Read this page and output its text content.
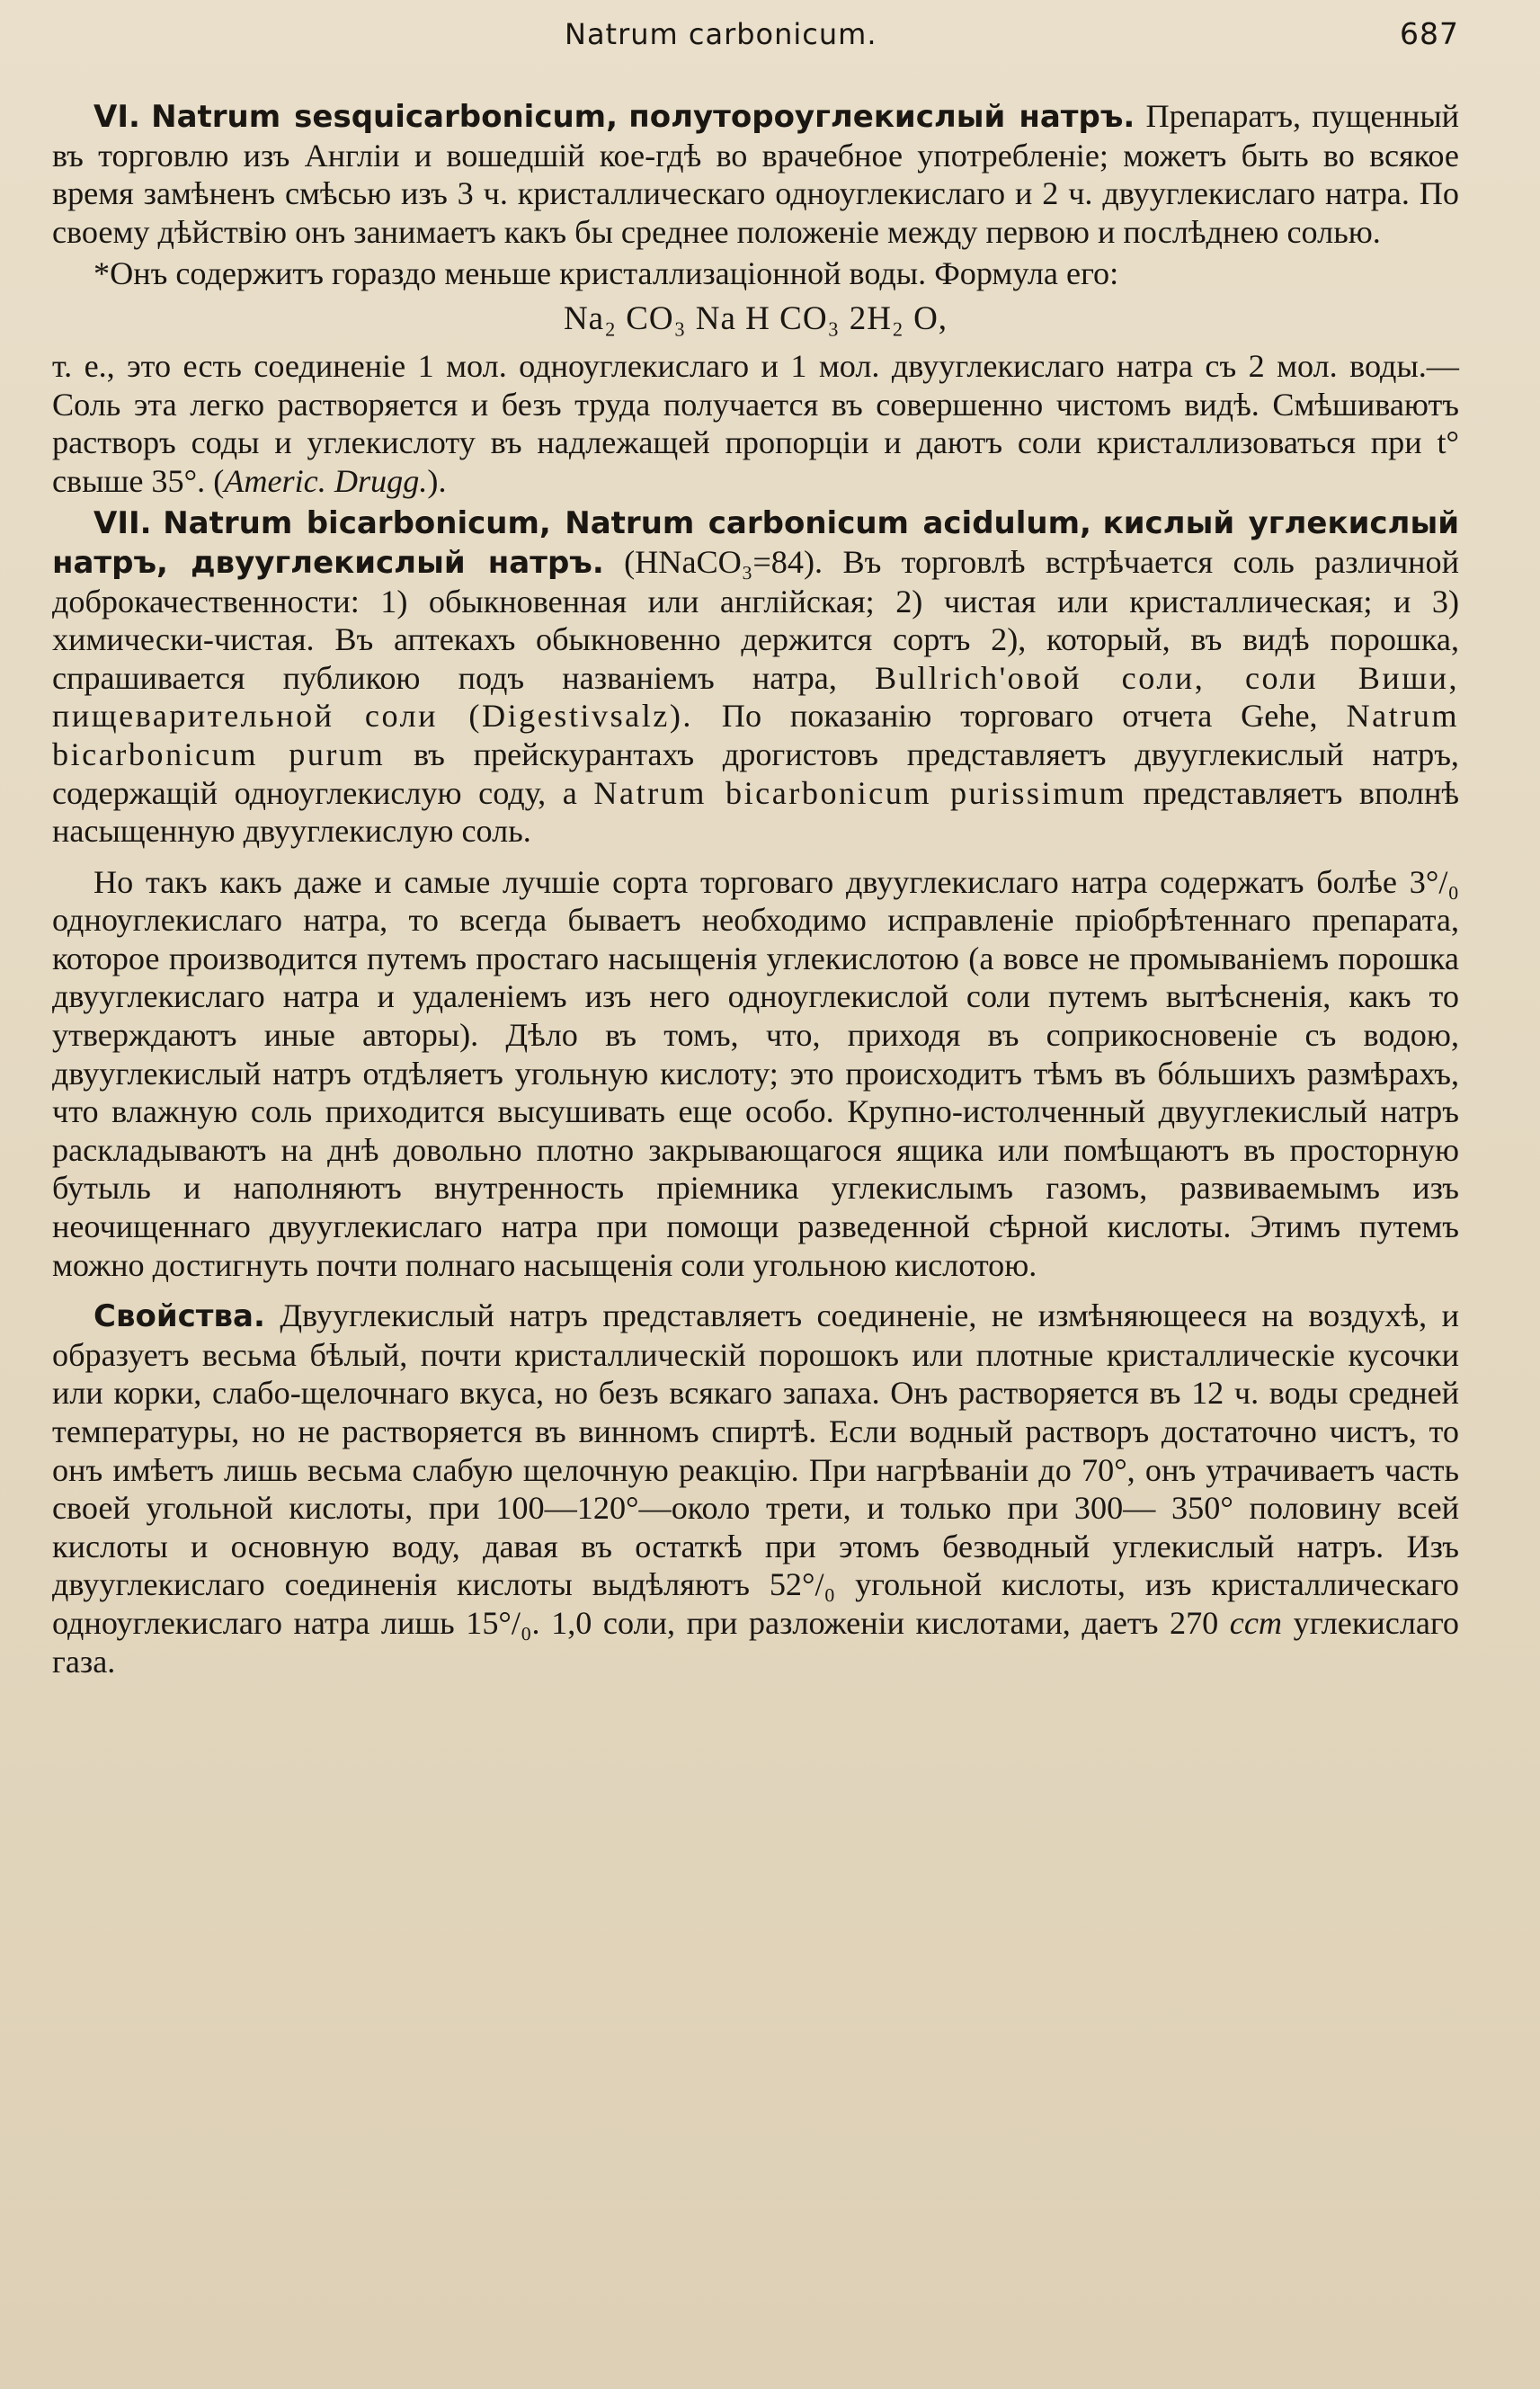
Natrum carbonicum.	687

VI. Natrum sesquicarbonicum, полутороуглекислый натръ. Препаратъ, пущенный въ торговлю изъ Англiи и вошедшiй кое-гдѣ во врачебное употребленiе; можетъ быть во всякое время замѣненъ смѣсью изъ 3 ч. кристаллическаго одноуглекислаго и 2 ч. двууглекислаго натра. По своему дѣйствiю онъ занимаетъ какъ бы среднее положенiе между первою и послѣднею солью.

*Онъ содержитъ гораздо меньше кристаллизацiонной воды. Формула его:

Na₂ CO₃ Na H CO₃ 2H₂ O,

т. е., это есть соединенiе 1 мол. одноуглекислаго и 1 мол. двууглекислаго натра съ 2 мол. воды.—Соль эта легко растворяется и безъ труда получается въ совершенно чистомъ видѣ. Смѣшиваютъ растворъ соды и углекислоту въ надлежащей пропорцiи и даютъ соли кристаллизоваться при t° свыше 35°. (Americ. Drugg.).

VII. Natrum bicarbonicum, Natrum carbonicum acidulum, кислый углекислый натръ, двууглекислый натръ. (HNaCO₃=84). Въ торговлѣ встрѣчается соль различной доброкачественности: 1) обыкновенная или англiйская; 2) чистая или кристаллическая; и 3) химически-чистая. Въ аптекахъ обыкновенно держится сортъ 2), который, въ видѣ порошка, спрашивается публикою подъ названiемъ натра, Bullrich'овой соли, соли Виши, пищеварительной соли (Digestivsalz). По показанiю торговаго отчета Gehe, Natrum bicarbonicum purum въ прейскурантахъ дрогистовъ представляетъ двууглекислый натръ, содержащiй одноуглекислую соду, а Natrum bicarbonicum purissimum представляетъ вполнѣ насыщенную двууглекислую соль.

Но такъ какъ даже и самые лучшiе сорта торговаго двууглекислаго натра содержатъ болѣе 3°/₀ одноуглекислаго натра, то всегда бываетъ необходимо исправленiе прiобрѣтеннаго препарата, которое производится путемъ простаго насыщенiя углекислотою (а вовсе не промыванiемъ порошка двууглекислаго натра и удаленiемъ изъ него одноуглекислой соли путемъ вытѣсненiя, какъ то утверждаютъ иные авторы). Дѣло въ томъ, что, приходя въ соприкосновенiе съ водою, двууглекислый натръ отдѣляетъ угольную кислоту; это происходитъ тѣмъ въ бóльшихъ размѣрахъ, что влажную соль приходится высушивать еще особо. Крупно-истолченный двууглекислый натръ раскладываютъ на днѣ довольно плотно закрывающагося ящика или помѣщаютъ въ просторную бутыль и наполняютъ внутренность прiемника углекислымъ газомъ, развиваемымъ изъ неочищеннаго двууглекислаго натра при помощи разведенной сѣрной кислоты. Этимъ путемъ можно достигнуть почти полнаго насыщенiя соли угольною кислотою.

Свойства. Двууглекислый натръ представляетъ соединенiе, не измѣняющееся на воздухѣ, и образуетъ весьма бѣлый, почти кристаллическiй порошокъ или плотные кристаллическiе кусочки или корки, слабо-щелочнаго вкуса, но безъ всякаго запаха. Онъ растворяется въ 12 ч. воды средней температуры, но не растворяется въ винномъ спиртѣ. Если водный растворъ достаточно чистъ, то онъ имѣетъ лишь весьма слабую щелочную реакцiю. При нагрѣванiи до 70°, онъ утрачиваетъ часть своей угольной кислоты, при 100—120°—около трети, и только при 300— 350° половину всей кислоты и основную воду, давая въ остаткѣ при этомъ безводный углекислый натръ. Изъ двууглекислаго соединенiя кислоты выдѣляютъ 52°/₀ угольной кислоты, изъ кристаллическаго одноуглекислаго натра лишь 15°/₀. 1,0 соли, при разложенiи кислотами, даетъ 270 ccm углекислаго газа.
